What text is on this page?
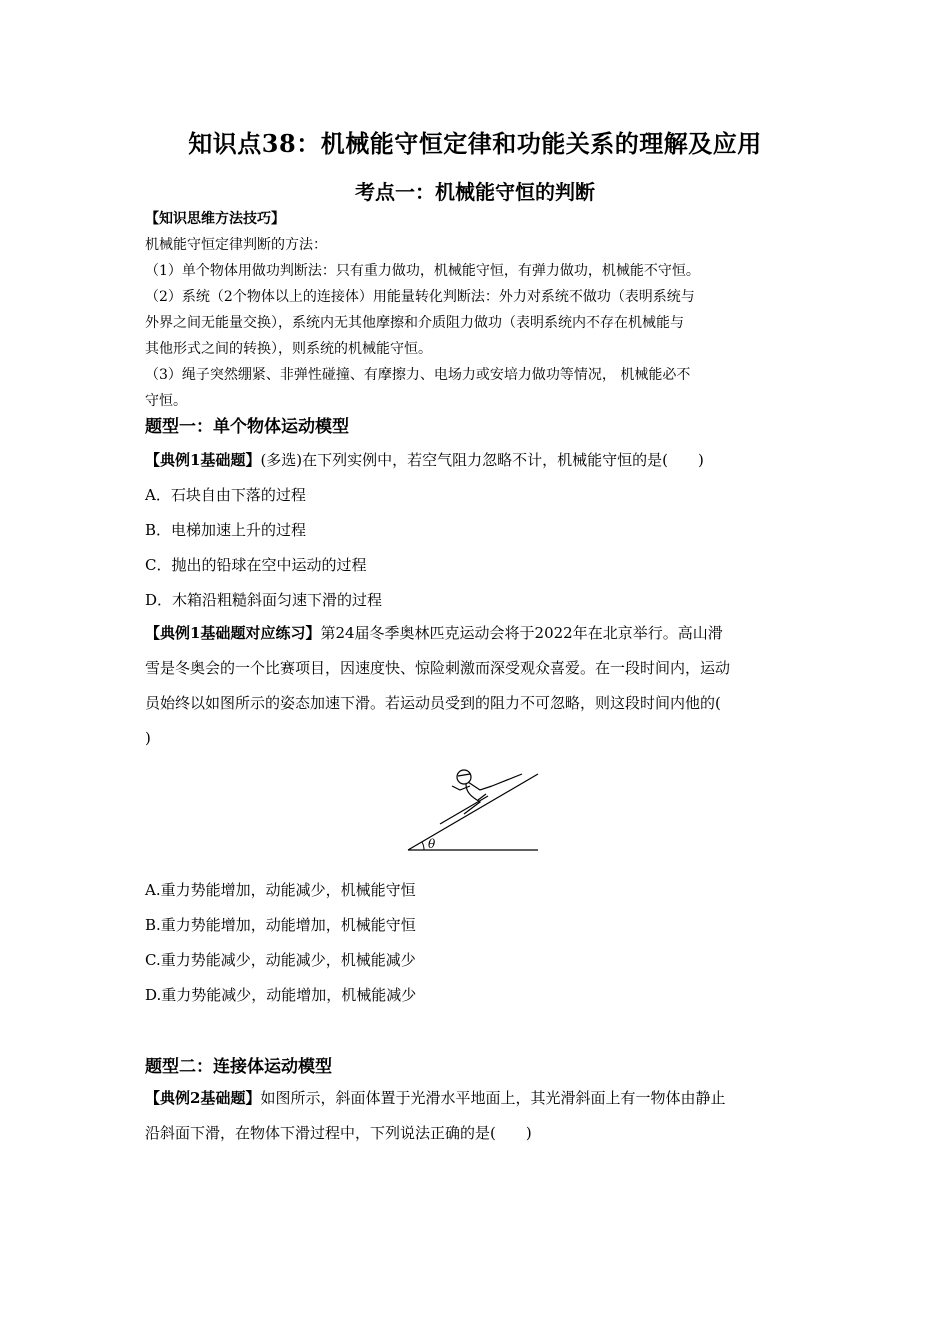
知识点38：机械能守恒定律和功能关系的理解及应用
考点一：机械能守恒的判断
【知识思维方法技巧】
机械能守恒定律判断的方法：
（1）单个物体用做功判断法：只有重力做功，机械能守恒，有弹力做功，机械能不守恒。
（2）系统（2个物体以上的连接体）用能量转化判断法：外力对系统不做功（表明系统与
外界之间无能量交换），系统内无其他摩擦和介质阻力做功（表明系统内不存在机械能与
其他形式之间的转换），则系统的机械能守恒。
（3）绳子突然绷紧、非弹性碰撞、有摩擦力、电场力或安培力做功等情况， 机械能必不
守恒。
题型一：单个物体运动模型
【典例1基础题】(多选)在下列实例中，若空气阻力忽略不计，机械能守恒的是(　　)
A．石块自由下落的过程
B．电梯加速上升的过程
C．抛出的铅球在空中运动的过程
D．木箱沿粗糙斜面匀速下滑的过程
【典例1基础题对应练习】第24届冬季奥林匹克运动会将于2022年在北京举行。高山滑
雪是冬奥会的一个比赛项目，因速度快、惊险刺激而深受观众喜爱。在一段时间内，运动
员始终以如图所示的姿态加速下滑。若运动员受到的阻力不可忽略，则这段时间内他的(
)
θ
A.重力势能增加，动能减少，机械能守恒
B.重力势能增加，动能增加，机械能守恒
C.重力势能减少，动能减少，机械能减少
D.重力势能减少，动能增加，机械能减少
题型二：连接体运动模型
【典例2基础题】如图所示，斜面体置于光滑水平地面上，其光滑斜面上有一物体由静止
沿斜面下滑，在物体下滑过程中，下列说法正确的是(　　)
